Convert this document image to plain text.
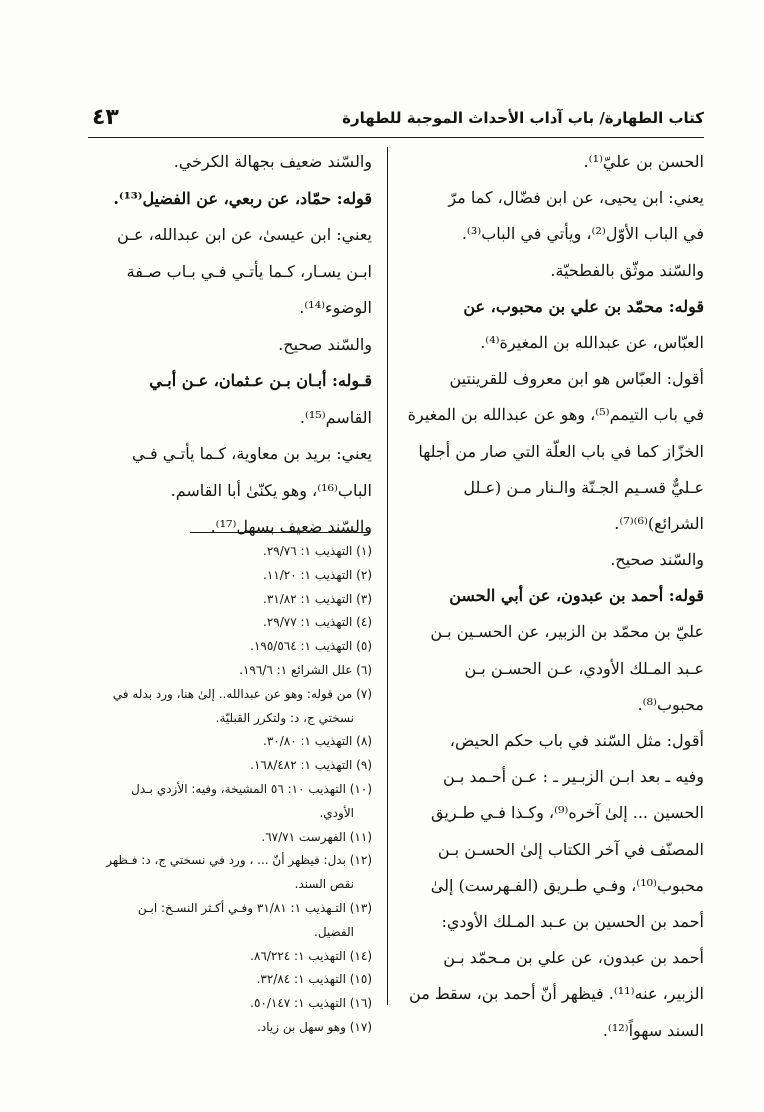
٤٣	كتاب الطهارة/ باب آداب الأحداث الموجبة للطهارة
الحسن بن عليّ⁽¹⁾.
يعني: ابن يحيى، عن ابن فضّال، كما مرّ
في الباب الأوّل⁽²⁾، ويأتي في الباب⁽³⁾.
والسّند موثّق بالفطحيّة.
قوله: محمّد بن علي بن محبوب، عن
العبّاس، عن عبدالله بن المغيرة⁽⁴⁾.
أقول: العبّاس هو ابن معروف للقرينتين
في باب التيمم⁽⁵⁾، وهو عن عبدالله بن المغيرة
الخزّاز كما في باب العلّة التي صار من أجلها
عـليٌّ قسـيم الجـنّة والـنار مـن (عـلل
الشرائع)⁽⁶⁾⁽⁷⁾.
والسّند صحيح.
قوله: أحمد بن عبدون، عن أبي الحسن
عليّ بن محمّد بن الزبير، عن الحسـين بـن
عـبد المـلك الأودي، عـن الحسـن بـن
محبوب⁽⁸⁾.
أقول: مثل السّند في باب حكم الحيض،
وفيه ـ بعد ابـن الزبـير ـ : عـن أحـمد بـن
الحسين ... إلىٰ آخره⁽⁹⁾، وكـذا فـي طـريق
المصنّف في آخر الكتاب إلىٰ الحسـن بـن
محبوب⁽¹⁰⁾، وفـي طـريق (الفـهرست) إلىٰ
أحمد بن الحسين بن عـبد المـلك الأودي:
أحمد بن عبدون، عن علي بن مـحمّد بـن
الزبير، عنه⁽¹¹⁾. فيظهر أنّ أحمد بن، سقط من
السند سهواً⁽¹²⁾.
والسّند ضعيف بجهالة الكرخي.
قوله: حمّاد، عن ربعي، عن الفضيل⁽¹³⁾.
يعني: ابن عيسىٰ، عن ابن عبدالله، عـن
ابـن يسـار، كـما يأتـي فـي بـاب صـفة
الوضوء⁽¹⁴⁾.
والسّند صحيح.
قـوله: أبـان بـن عـثمان، عـن أبـي
القاسم⁽¹⁵⁾.
يعني: بريد بن معاوية، كـما يأتـي فـي
الباب⁽¹⁶⁾، وهو يكنّىٰ أبا القاسم.
والسّند ضعيف بسهل⁽¹⁷⁾.
(١) التهذيب ١: ٢٩/٧٦.
(٢) التهذيب ١: ١١/٢٠.
(٣) التهذيب ١: ٣١/٨٢.
(٤) التهذيب ١: ٢٩/٧٧.
(٥) التهذيب ١: ١٩٥/٥٦٤.
(٦) علل الشرائع ١: ١٩٦/٦.
(٧) من قوله: وهو عن عبدالله.. إلىٰ هنا، ورد بدله في
نسختي ج، د: ولتكرر القبليّة.
(٨) التهذيب ١: ٣٠/٨٠.
(٩) التهذيب ١: ١٦٨/٤٨٢.
(١٠) التهذيب ١٠: ٥٦ المشيخة، وفيه: الأزدي بـدل
الأودي.
(١١) الفهرست ٦٧/٧١.
(١٢) بدل: فيظهر أنّ ... ، ورد في نسختي ج، د: فـظهر
نقص السند.
(١٣) التـهذيب ١: ٣١/٨١ وفـي أكـثر النسـخ: ابـن
الفضيل.
(١٤) التهذيب ١: ٨٦/٢٢٤.
(١٥) التهذيب ١: ٣٢/٨٤.
(١٦) التهذيب ١: ٥٠/١٤٧.
(١٧) وهو سهل بن زياد.
